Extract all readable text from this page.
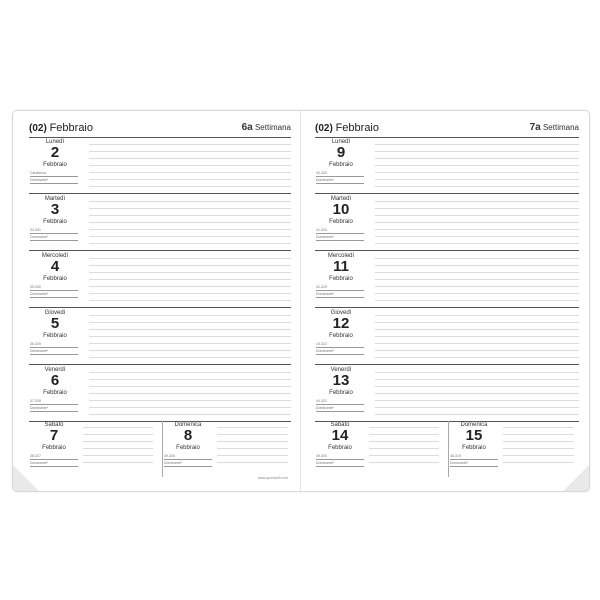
(02) Febbraio	6a Settimana
Lunedì
2
Febbraio
Candelora
Dominante*
Martedì
3
Febbraio
34-331
Dominante*
Mercoledì
4
Febbraio
35-330
Dominante*
Giovedì
5
Febbraio
36-329
Dominante*
Venerdì
6
Febbraio
37-328
Dominante*
Sabato
7
Febbraio
38-327
Dominante*
Domenica
8
Febbraio
39-326
Dominante*
www.quoinsoft.com
(02) Febbraio	7a Settimana
Lunedì
9
Febbraio
40-325
Dominante*
Martedì
10
Febbraio
41-324
Dominante*
Mercoledì
11
Febbraio
42-323
Dominante*
Giovedì
12
Febbraio
43-322
Dominante*
Venerdì
13
Febbraio
44-321
Dominante*
Sabato
14
Febbraio
45-320
Dominante*
Domenica
15
Febbraio
46-319
Dominante*
